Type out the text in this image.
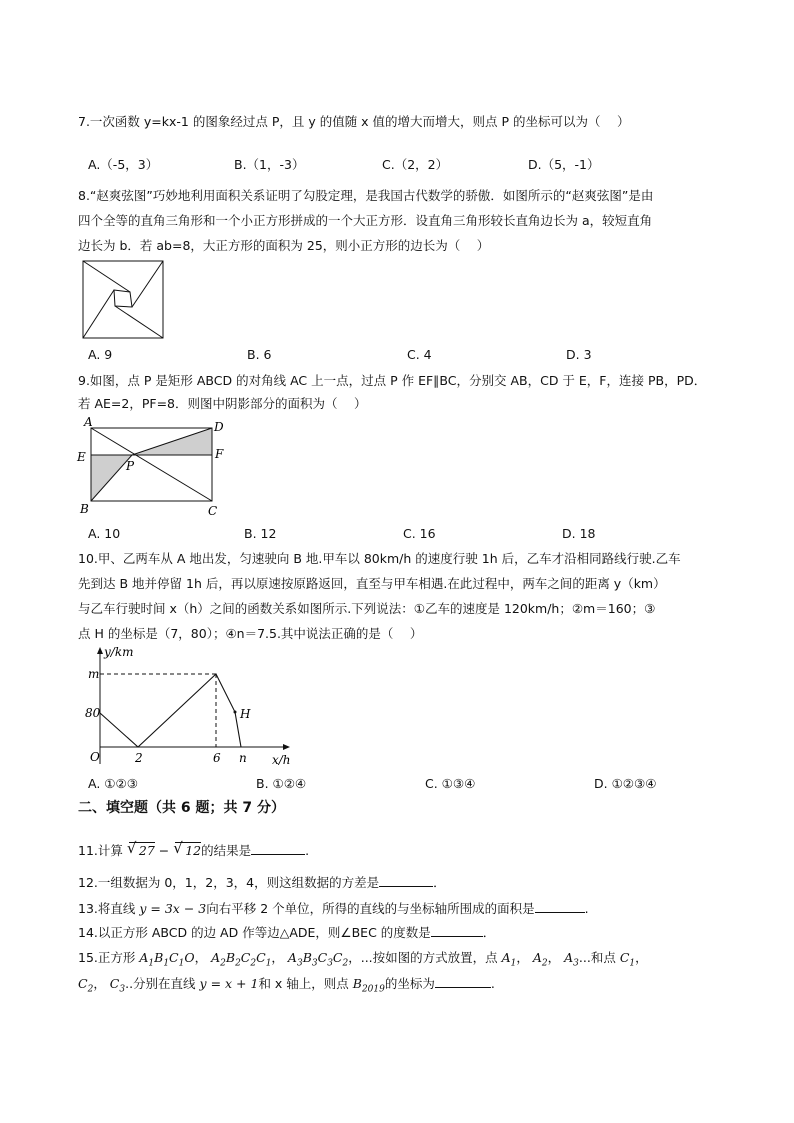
7.一次函数 y=kx-1 的图象经过点 P，且 y 的值随 x 值的增大而增大，则点 P 的坐标可以为（　 ）
A.（-5，3）	B.（1，-3）	C.（2，2）	D.（5，-1）
8.“赵爽弦图”巧妙地利用面积关系证明了勾股定理，是我国古代数学的骄傲．如图所示的“赵爽弦图”是由
四个全等的直角三角形和一个小正方形拼成的一个大正方形．设直角三角形较长直角边长为 a，较短直角
边长为 b．若 ab=8，大正方形的面积为 25，则小正方形的边长为（　 ）
A. 9	B. 6	C. 4	D. 3
9.如图，点 P 是矩形 ABCD 的对角线 AC 上一点，过点 P 作 EF∥BC，分别交 AB，CD 于 E，F，连接 PB，PD．
若 AE=2，PF=8．则图中阴影部分的面积为（　 ）
A	D
E	F
P
B	C
A. 10	B. 12	C. 16	D. 18
10.甲、乙两车从 A 地出发，匀速驶向 B 地.甲车以 80km/h 的速度行驶 1h 后，乙车才沿相同路线行驶.乙车
先到达 B 地并停留 1h 后，再以原速按原路返回，直至与甲车相遇.在此过程中，两车之间的距离 y（km）
与乙车行驶时间 x（h）之间的函数关系如图所示.下列说法：①乙车的速度是 120km/h；②m＝160；③
点 H 的坐标是（7，80）；④n＝7.5.其中说法正确的是（　 ）
y/km
m
80
O	2	6 n
H
x/h
A. ①②③	B. ①②④	C. ①③④	D. ①②③④
二、填空题（共 6 题；共 7 分）
11.计算 √ 27 − √ 12的结果是	.
12.一组数据为 0，1，2，3，4，则这组数据的方差是	．
13.将直线 y = 3x − 3向右平移 2 个单位，所得的直线的与坐标轴所围成的面积是	.
14.以正方形 ABCD 的边 AD 作等边△ADE，则∠BEC 的度数是	．
15.正方形 $A_1B_1C_1O$， $A_2B_2C_2C_1$， $A_3B_3C_3C_2$，...按如图的方式放置，点 $A_1$， $A_2$， $A_3$...和点 $C_1$，
$C_2$， $C_3$..分别在直线 y = x + 1和 x 轴上，则点 $B_{2019}$的坐标为	.
